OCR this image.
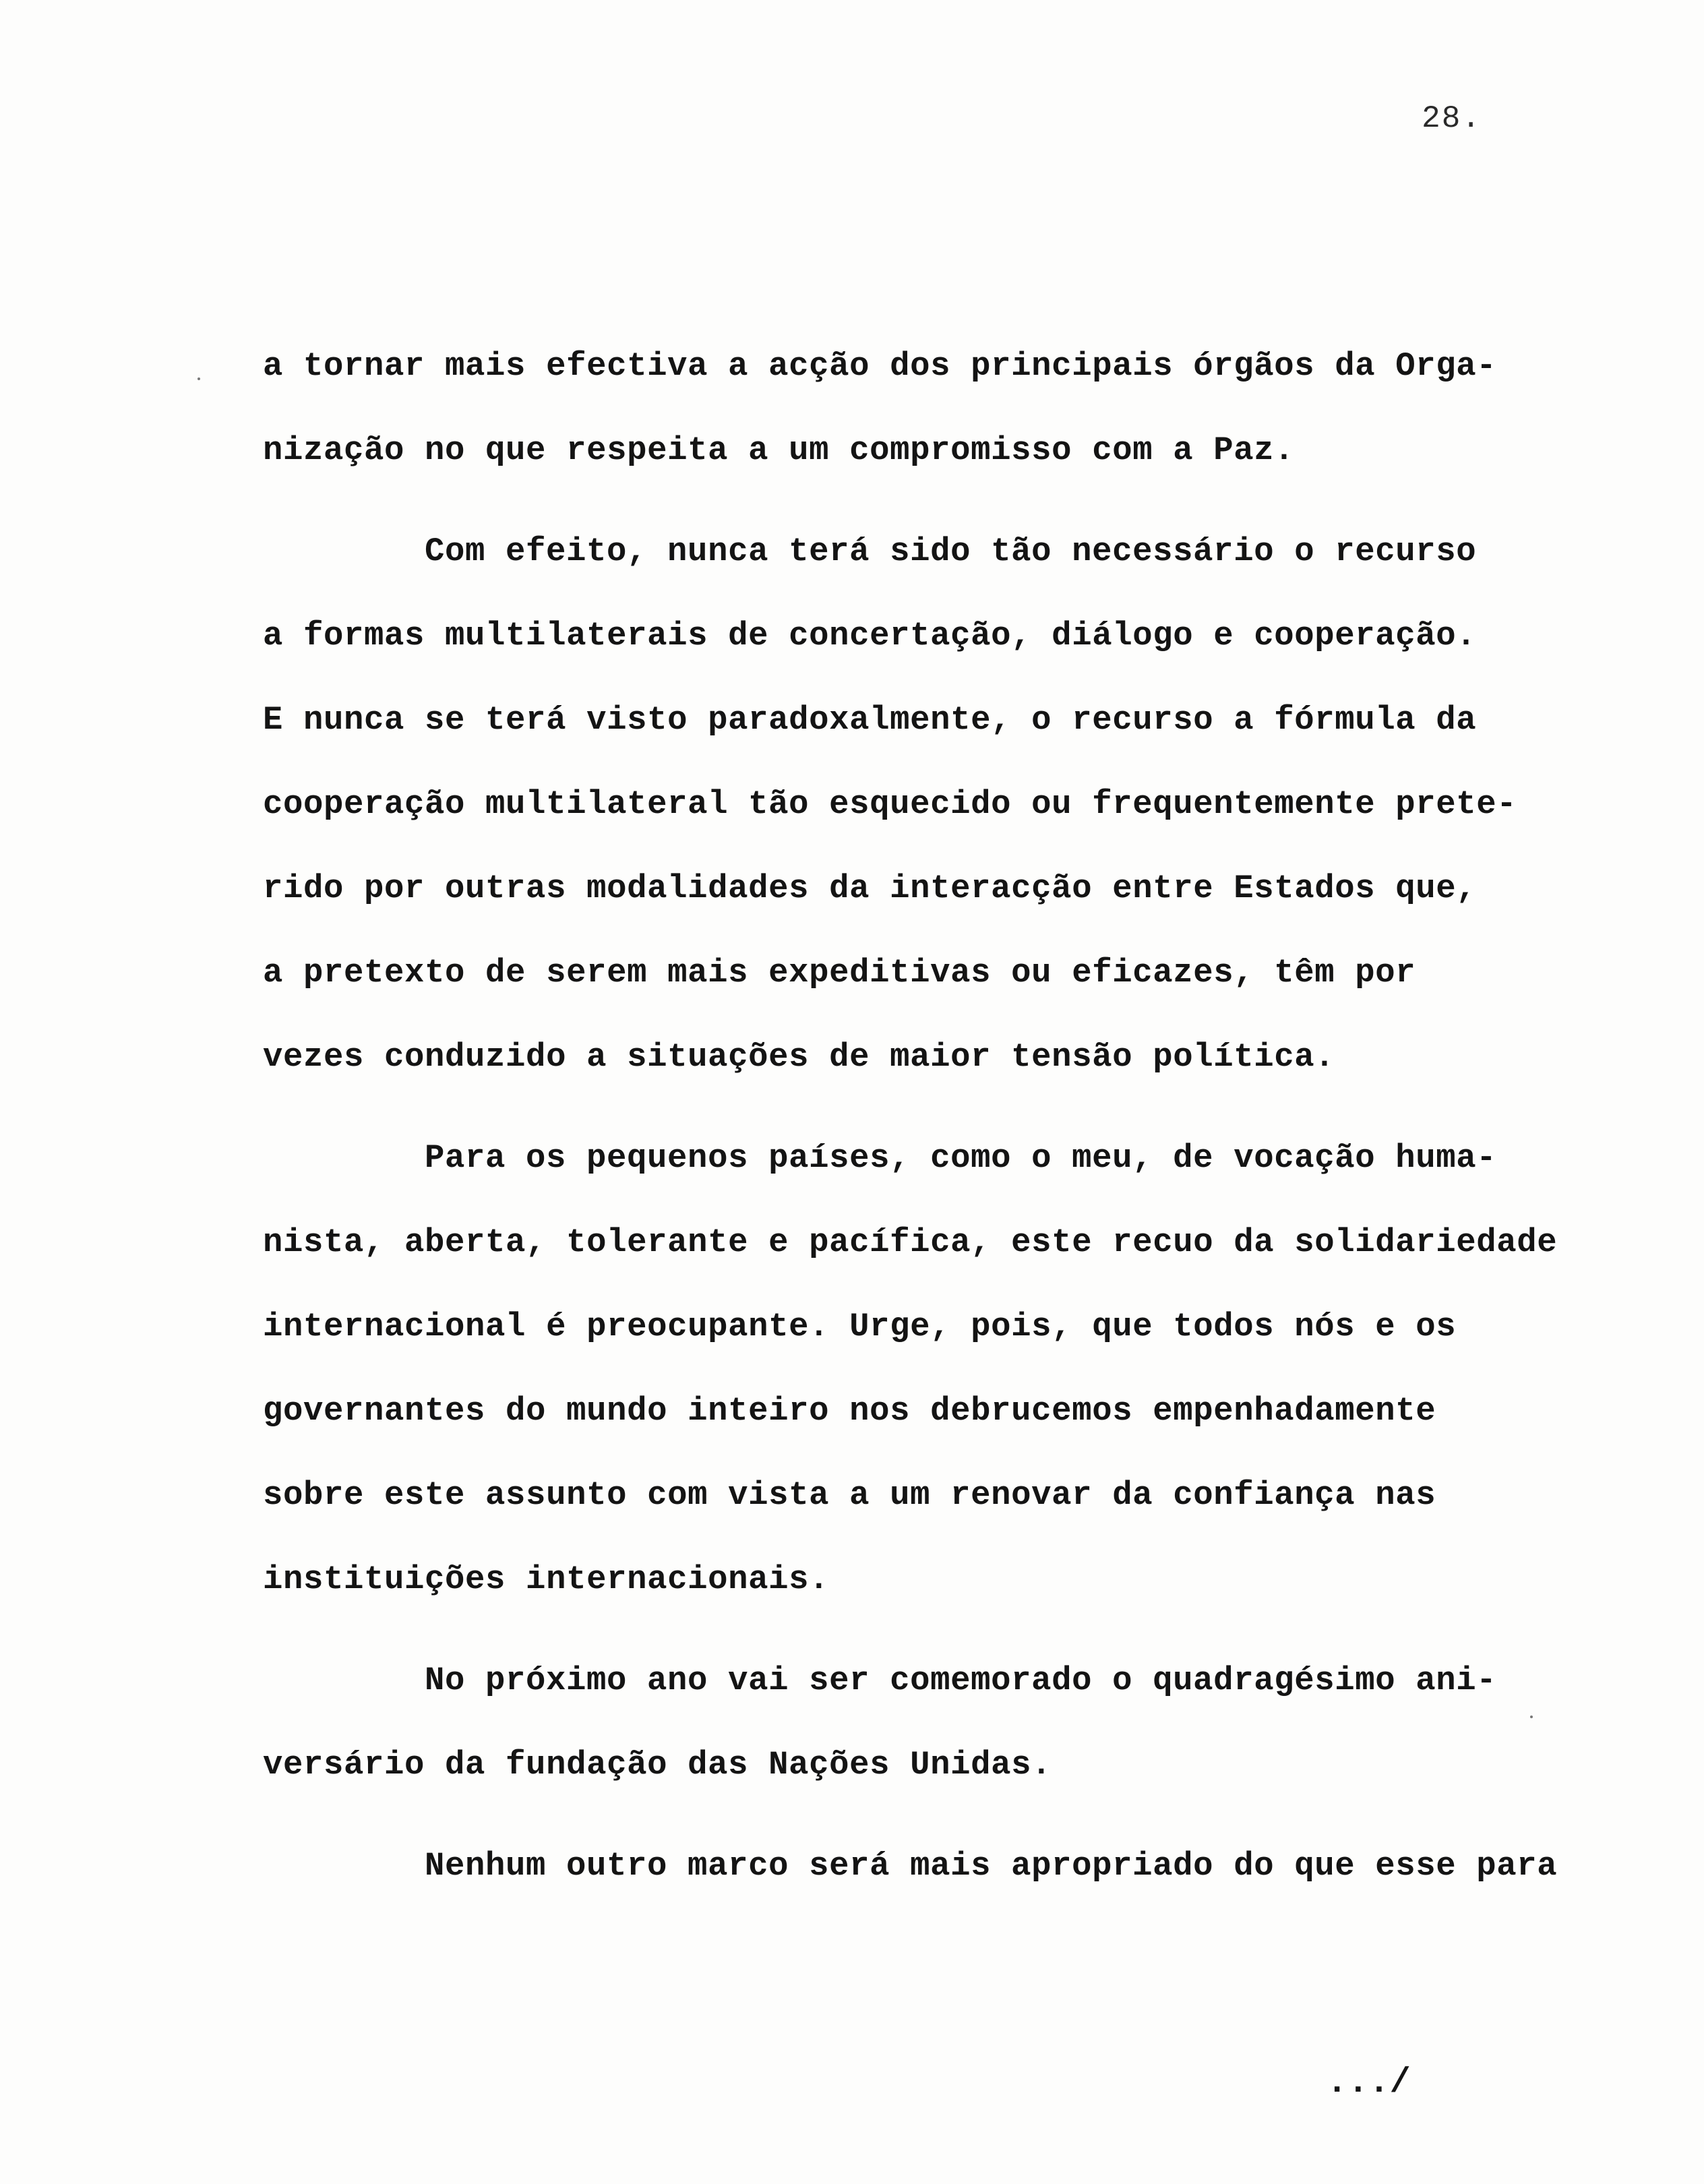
28.
a tornar mais efectiva a acção dos principais órgãos da Orga-
nização no que respeita a um compromisso com a Paz.
Com efeito, nunca terá sido tão necessário o recurso
a formas multilaterais de concertação, diálogo e cooperação.
E nunca se terá visto paradoxalmente, o recurso a fórmula da
cooperação multilateral tão esquecido ou frequentemente prete-
rido por outras modalidades da interacção entre Estados que,
a pretexto de serem mais expeditivas ou eficazes, têm por
vezes conduzido a situações de maior tensão política.
Para os pequenos países, como o meu, de vocação huma-
nista, aberta, tolerante e pacífica, este recuo da solidariedade
internacional é preocupante. Urge, pois, que todos nós e os
governantes do mundo inteiro nos debrucemos empenhadamente
sobre este assunto com vista a um renovar da confiança nas
instituições internacionais.
No próximo ano vai ser comemorado o quadragésimo ani-
versário da fundação das Nações Unidas.
Nenhum outro marco será mais apropriado do que esse para
.../
